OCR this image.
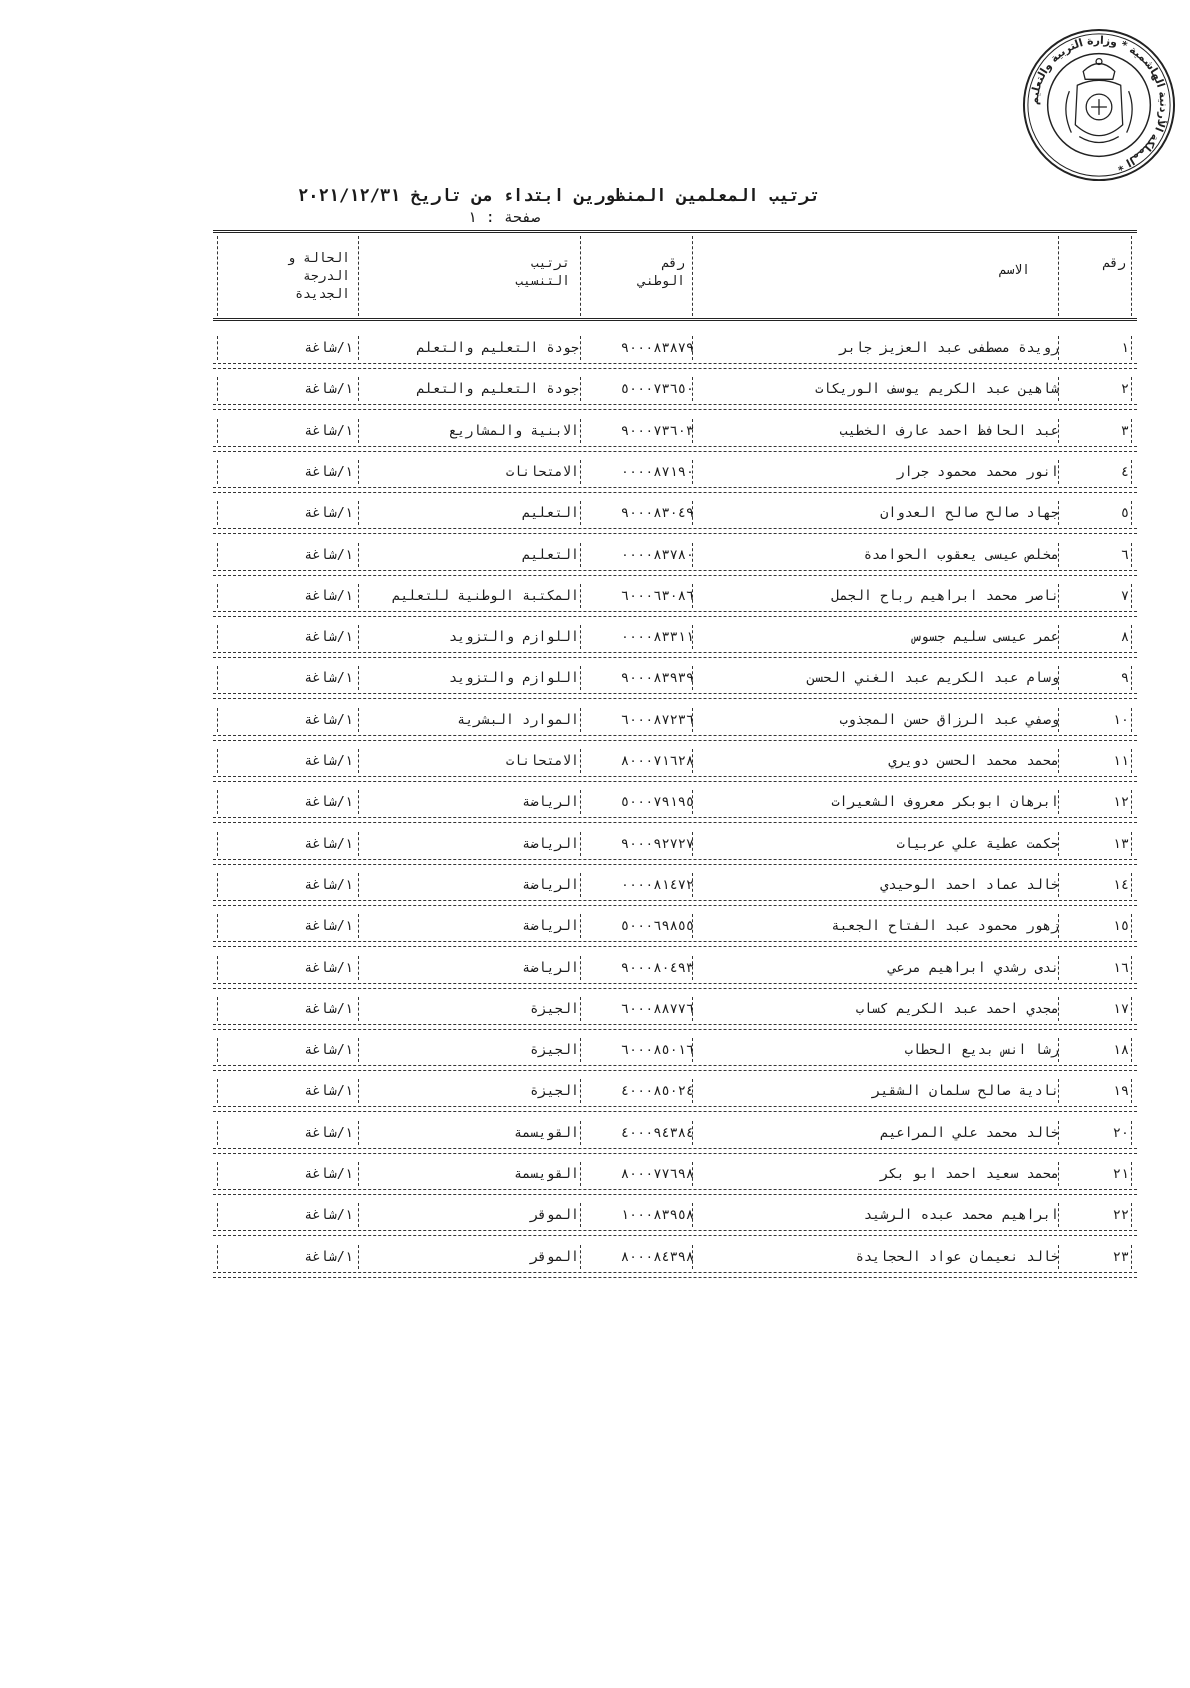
المملكة الأردنية الهاشمية * وزارة التربية والتعليم *
ترتيب المعلمين المنظورين ابتداء من تاريخ ٢٠٢١/١٢/٣١
صفحة : ١
رقم
الاسم
رقم
الوطني
ترتيب
التنسيب
الحالة و
الدرجة
الجديدة
١
رويدة مصطفى عبد العزيز جابر
٩٠٠٠٨٣٨٧٩
جودة التعليم والتعلم
١/شاغة
٢
شاهين عبد الكريم يوسف الوريكات
٥٠٠٠٧٣٦٥٠
جودة التعليم والتعلم
١/شاغة
٣
عبد الحافظ احمد عارف الخطيب
٩٠٠٠٧٣٦٠٣
الابنية والمشاريع
١/شاغة
٤
انور محمد محمود جرار
٠٠٠٠٨٧١٩٠
الامتحانات
١/شاغة
٥
جهاد صالح صالح العدوان
٩٠٠٠٨٣٠٤٩
التعليم
١/شاغة
٦
مخلص عيسى يعقوب الحوامدة
٠٠٠٠٨٣٧٨٠
التعليم
١/شاغة
٧
ناصر محمد ابراهيم رباح الجمل
٦٠٠٠٦٣٠٨٦
المكتبة الوطنية للتعليم
١/شاغة
٨
عمر عيسى سليم جسوس
٠٠٠٠٨٣٣١١
اللوازم والتزويد
١/شاغة
٩
وسام عبد الكريم عبد الغني الحسن
٩٠٠٠٨٣٩٣٩
اللوازم والتزويد
١/شاغة
١٠
وصفي عبد الرزاق حسن المجذوب
٦٠٠٠٨٧٢٣٦
الموارد البشرية
١/شاغة
١١
محمد محمد الحسن دويري
٨٠٠٠٧١٦٢٨
الامتحانات
١/شاغة
١٢
ابرهان ابوبكر معروف الشعيرات
٥٠٠٠٧٩١٩٥
الرياضة
١/شاغة
١٣
حكمت عطية علي عربيات
٩٠٠٠٩٢٧٢٧
الرياضة
١/شاغة
١٤
خالد عماد احمد الوحيدي
٠٠٠٠٨١٤٧٢
الرياضة
١/شاغة
١٥
زهور محمود عبد الفتاح الجعبة
٥٠٠٠٦٩٨٥٥
الرياضة
١/شاغة
١٦
ندى رشدي ابراهيم مرعي
٩٠٠٠٨٠٤٩٣
الرياضة
١/شاغة
١٧
مجدي احمد عبد الكريم كساب
٦٠٠٠٨٨٧٧٦
الجيزة
١/شاغة
١٨
رشا انس بديع الحطاب
٦٠٠٠٨٥٠١٦
الجيزة
١/شاغة
١٩
نادية صالح سلمان الشقير
٤٠٠٠٨٥٠٢٤
الجيزة
١/شاغة
٢٠
خالد محمد علي المراعيم
٤٠٠٠٩٤٣٨٤
القويسمة
١/شاغة
٢١
محمد سعيد احمد ابو بكر
٨٠٠٠٧٧٦٩٨
القويسمة
١/شاغة
٢٢
ابراهيم محمد عبده الرشيد
١٠٠٠٨٣٩٥٨
الموقر
١/شاغة
٢٣
خالد نعيمان عواد الحجايدة
٨٠٠٠٨٤٣٩٨
الموقر
١/شاغة
